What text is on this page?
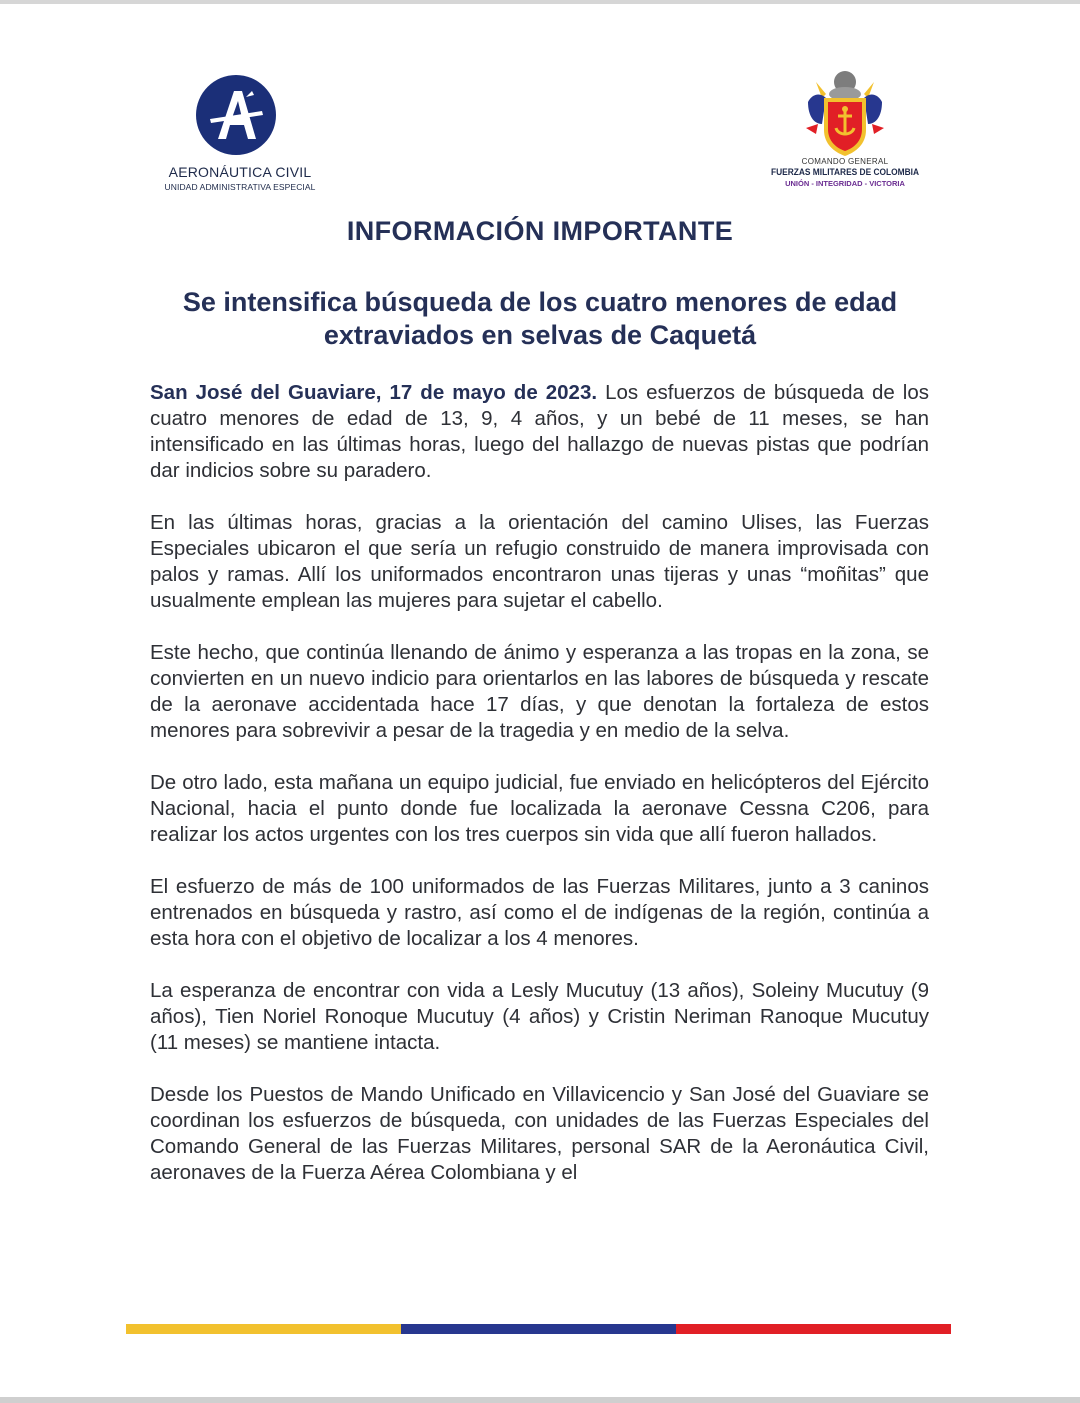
AERONÁUTICA CIVIL
UNIDAD ADMINISTRATIVA ESPECIAL
COMANDO GENERAL
FUERZAS MILITARES DE COLOMBIA
UNIÓN - INTEGRIDAD - VICTORIA
INFORMACIÓN IMPORTANTE
Se intensifica búsqueda de los cuatro menores de edad extraviados en selvas de Caquetá

San José del Guaviare, 17 de mayo de 2023. Los esfuerzos de búsqueda de los cuatro menores de edad de 13, 9, 4 años, y un bebé de 11 meses, se han intensificado en las últimas horas, luego del hallazgo de nuevas pistas que podrían dar indicios sobre su paradero.

En las últimas horas, gracias a la orientación del camino Ulises, las Fuerzas Especiales ubicaron el que sería un refugio construido de manera improvisada con palos y ramas. Allí los uniformados encontraron unas tijeras y unas “moñitas” que usualmente emplean las mujeres para sujetar el cabello.

Este hecho, que continúa llenando de ánimo y esperanza a las tropas en la zona, se convierten en un nuevo indicio para orientarlos en las labores de búsqueda y rescate de la aeronave accidentada hace 17 días, y que denotan la fortaleza de estos menores para sobrevivir a pesar de la tragedia y en medio de la selva.

De otro lado, esta mañana un equipo judicial, fue enviado en helicópteros del Ejército Nacional, hacia el punto donde fue localizada la aeronave Cessna C206, para realizar los actos urgentes con los tres cuerpos sin vida que allí fueron hallados.

El esfuerzo de más de 100 uniformados de las Fuerzas Militares, junto a 3 caninos entrenados en búsqueda y rastro, así como el de indígenas de la región, continúa a esta hora con el objetivo de localizar a los 4 menores.

La esperanza de encontrar con vida a Lesly Mucutuy (13 años), Soleiny Mucutuy (9 años), Tien Noriel Ronoque Mucutuy (4 años) y Cristin Neriman Ranoque Mucutuy (11 meses) se mantiene intacta.

Desde los Puestos de Mando Unificado en Villavicencio y San José del Guaviare se coordinan los esfuerzos de búsqueda, con unidades de las Fuerzas Especiales del Comando General de las Fuerzas Militares, personal SAR de la Aeronáutica Civil, aeronaves de la Fuerza Aérea Colombiana y el
